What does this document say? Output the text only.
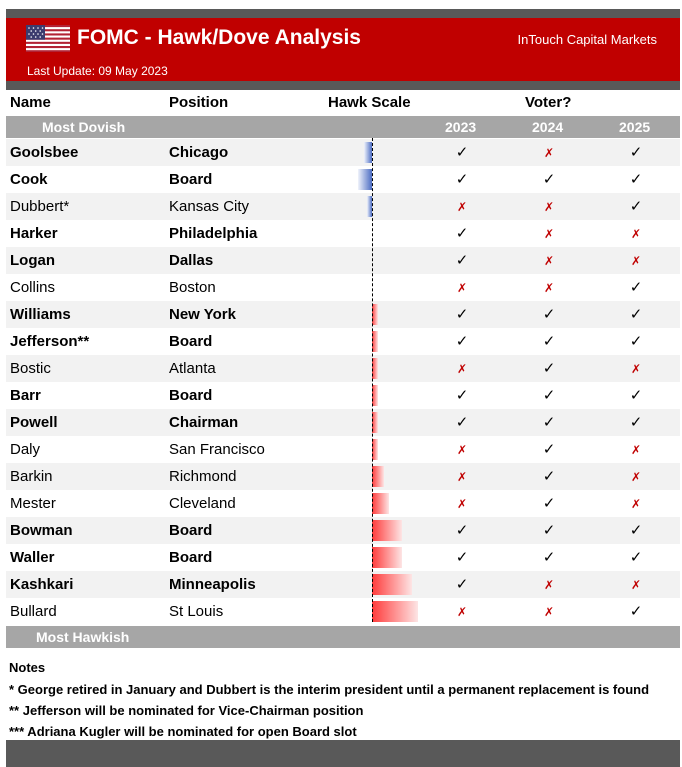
FOMC - Hawk/Dove Analysis	InTouch Capital Markets
Last Update: 09 May 2023
Name	Position	Hawk Scale	Voter?
Most Dovish	2023	2024	2025
Goolsbee	Chicago	✓	✗	✓
Cook	Board	✓	✓	✓
Dubbert*	Kansas City	✗	✗	✓
Harker	Philadelphia	✓	✗	✗
Logan	Dallas	✓	✗	✗
Collins	Boston	✗	✗	✓
Williams	New York	✓	✓	✓
Jefferson**	Board	✓	✓	✓
Bostic	Atlanta	✗	✓	✗
Barr	Board	✓	✓	✓
Powell	Chairman	✓	✓	✓
Daly	San Francisco	✗	✓	✗
Barkin	Richmond	✗	✓	✗
Mester	Cleveland	✗	✓	✗
Bowman	Board	✓	✓	✓
Waller	Board	✓	✓	✓
Kashkari	Minneapolis	✓	✗	✗
Bullard	St Louis	✗	✗	✓
Most Hawkish
Notes
* George retired in January and Dubbert is the interim president until a permanent replacement is found
** Jefferson will be nominated for Vice-Chairman position
*** Adriana Kugler will be nominated for open Board slot
